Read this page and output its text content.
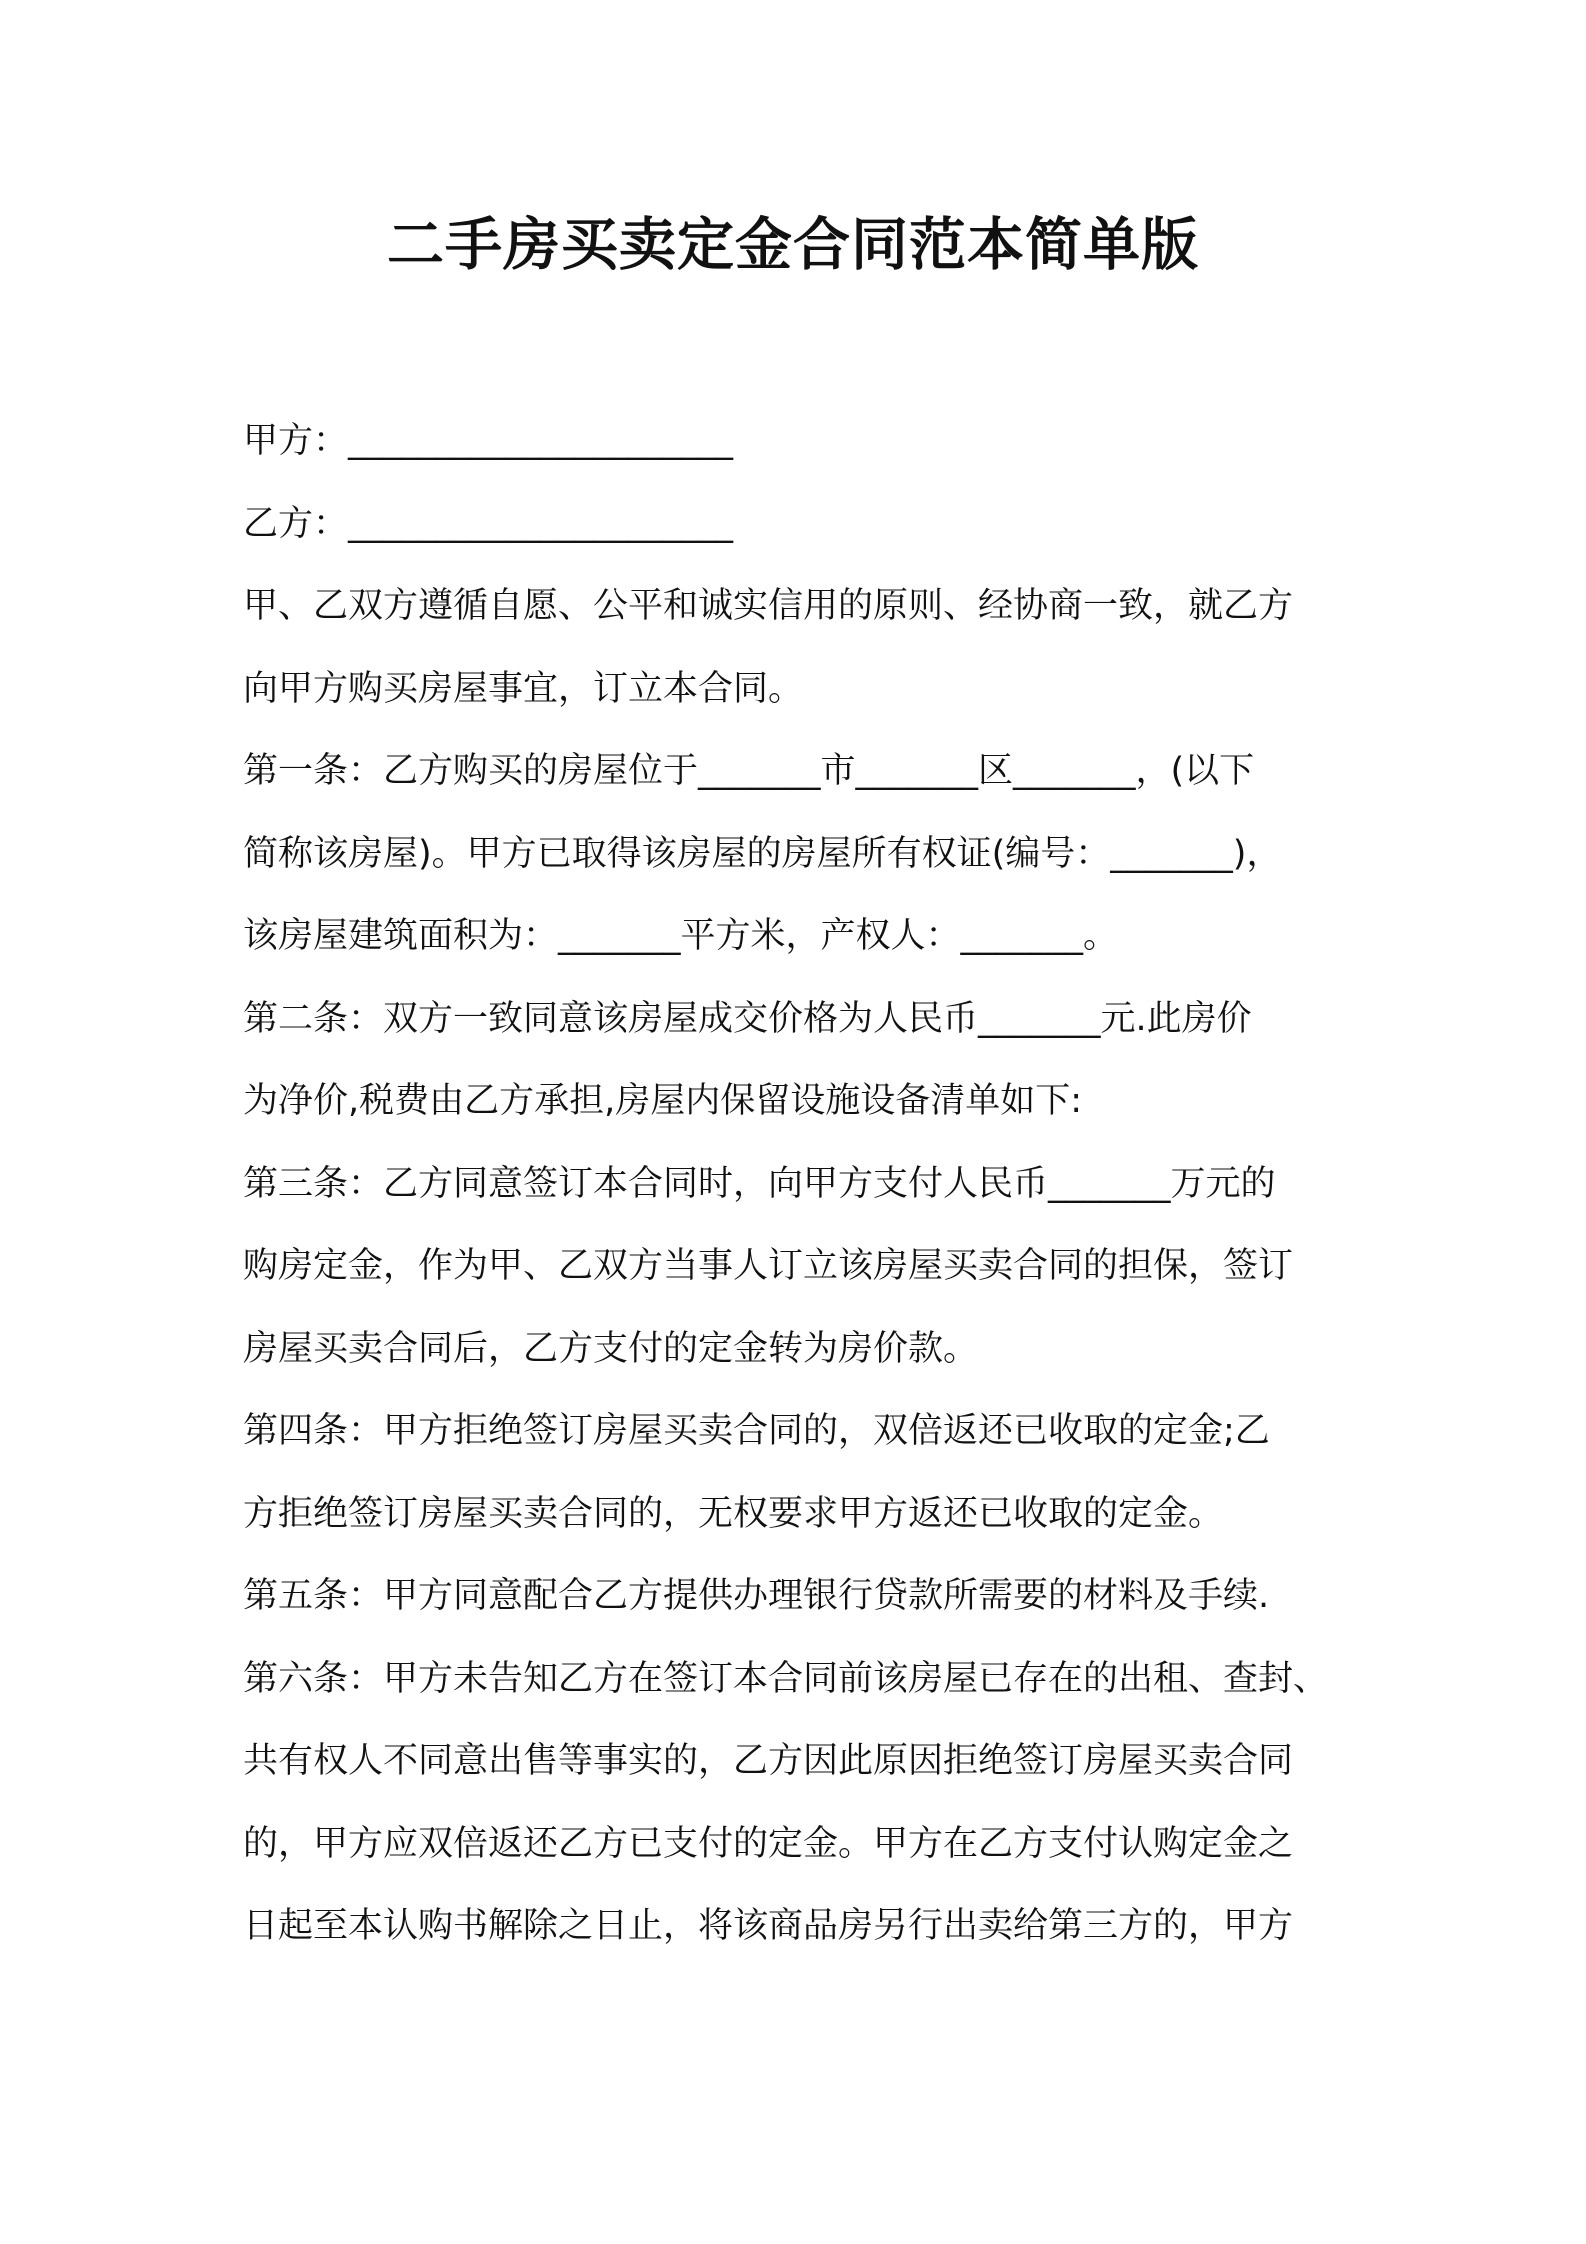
二手房买卖定金合同范本简单版
甲方：______________________
乙方：______________________
甲、乙双方遵循自愿、公平和诚实信用的原则、经协商一致，就乙方
向甲方购买房屋事宜，订立本合同。
第一条：乙方购买的房屋位于_______市_______区_______，(以下
简称该房屋)。甲方已取得该房屋的房屋所有权证(编号：_______)，
该房屋建筑面积为：_______平方米，产权人：_______。
第二条：双方一致同意该房屋成交价格为人民币_______元.此房价
为净价,税费由乙方承担,房屋内保留设施设备清单如下:
第三条：乙方同意签订本合同时，向甲方支付人民币_______万元的
购房定金，作为甲、乙双方当事人订立该房屋买卖合同的担保，签订
房屋买卖合同后，乙方支付的定金转为房价款。
第四条：甲方拒绝签订房屋买卖合同的，双倍返还已收取的定金;乙
方拒绝签订房屋买卖合同的，无权要求甲方返还已收取的定金。
第五条：甲方同意配合乙方提供办理银行贷款所需要的材料及手续.
第六条：甲方未告知乙方在签订本合同前该房屋已存在的出租、查封、
共有权人不同意出售等事实的，乙方因此原因拒绝签订房屋买卖合同
的，甲方应双倍返还乙方已支付的定金。甲方在乙方支付认购定金之
日起至本认购书解除之日止，将该商品房另行出卖给第三方的，甲方
